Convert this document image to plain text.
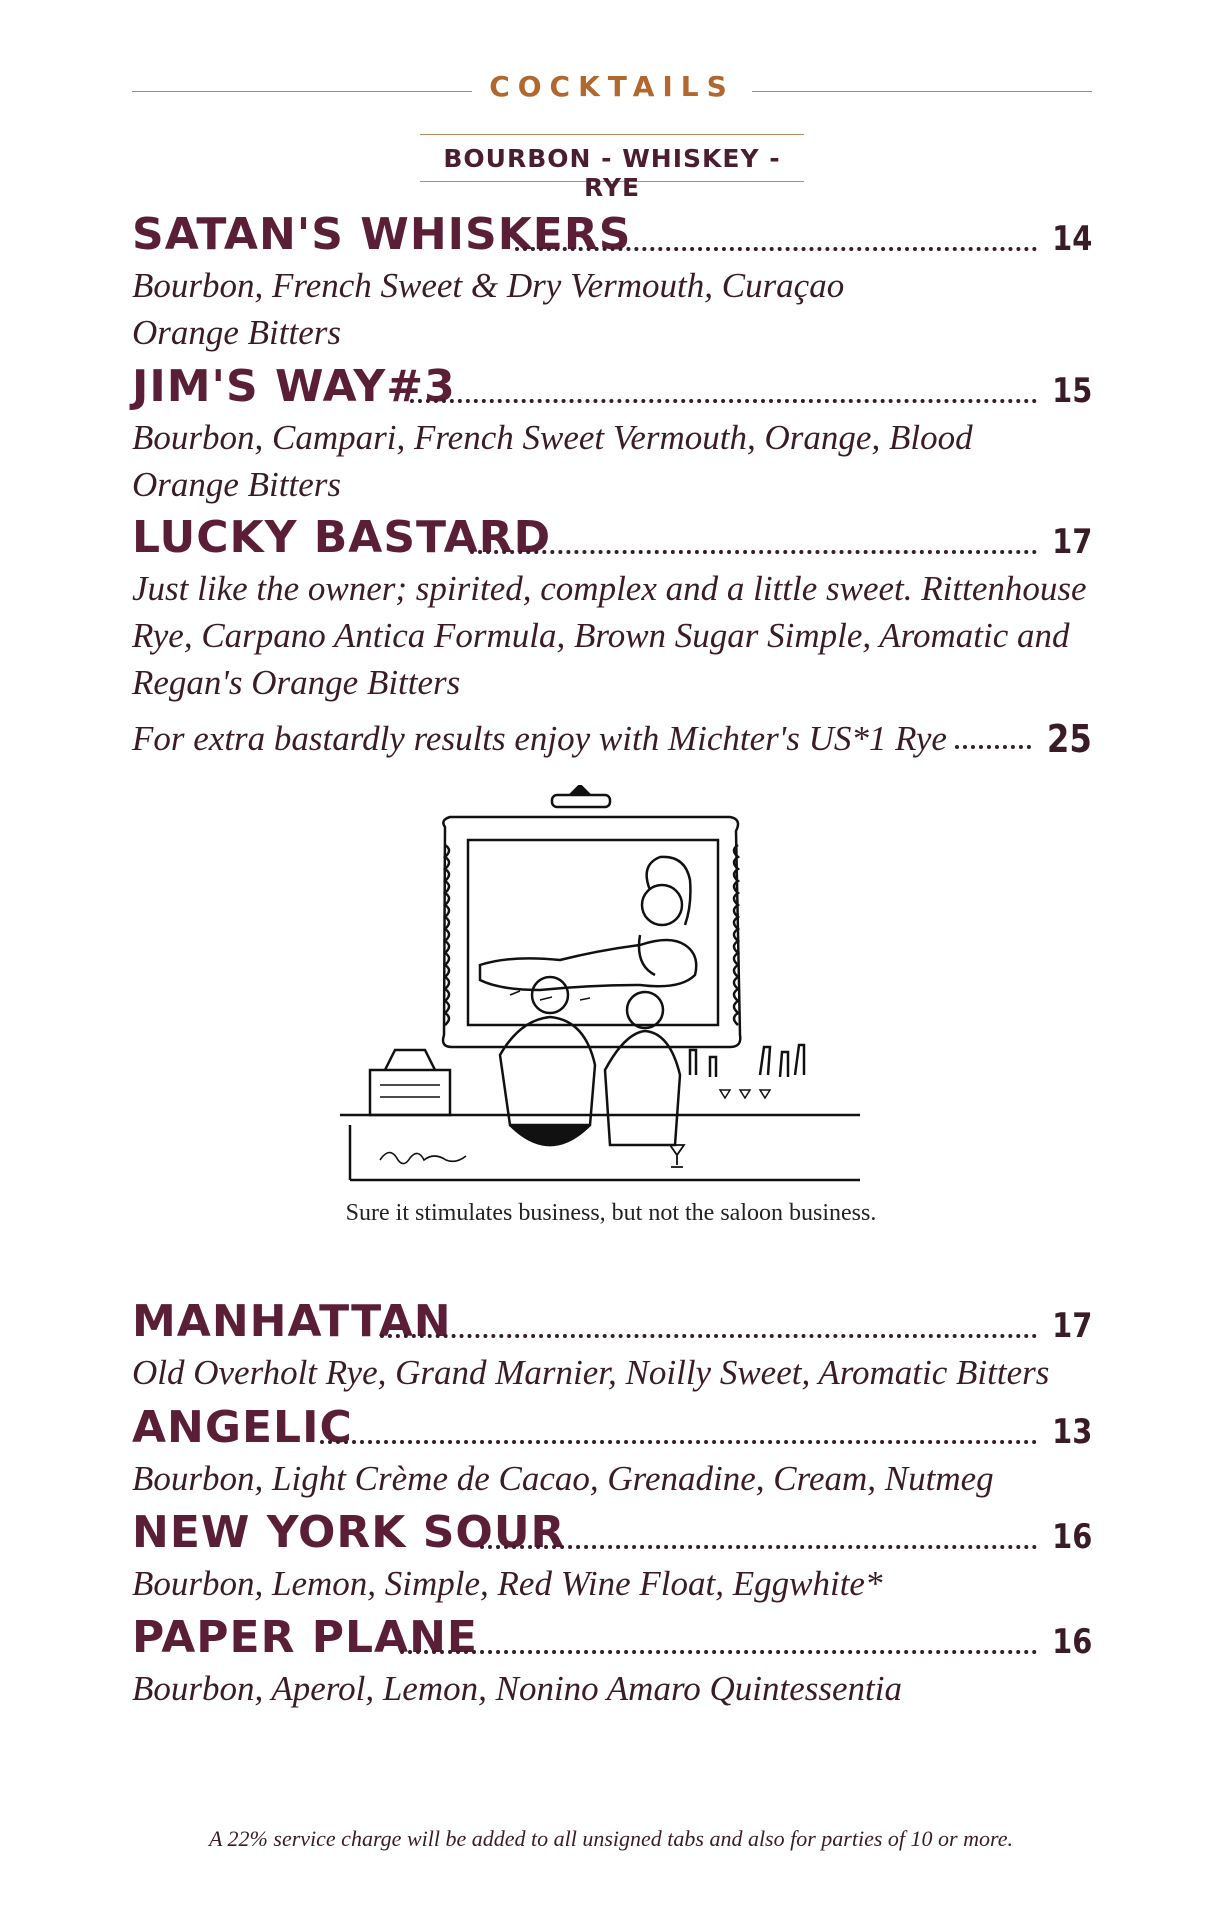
COCKTAILS
BOURBON - WHISKEY - RYE
SATAN'S WHISKERS	14
Bourbon, French Sweet & Dry Vermouth, Curaçao
Orange Bitters
JIM'S WAY#3	15
Bourbon, Campari, French Sweet Vermouth, Orange, Blood
Orange Bitters
LUCKY BASTARD	17
Just like the owner; spirited, complex and a little sweet. Rittenhouse
Rye, Carpano Antica Formula, Brown Sugar Simple, Aromatic and
Regan's Orange Bitters
For extra bastardly results enjoy with Michter's US*1 Rye	25
Sure it stimulates business, but not the saloon business.
MANHATTAN	17
Old Overholt Rye, Grand Marnier, Noilly Sweet, Aromatic Bitters
ANGELIC	13
Bourbon, Light Crème de Cacao, Grenadine, Cream, Nutmeg
NEW YORK SOUR	16
Bourbon, Lemon, Simple, Red Wine Float, Eggwhite*
PAPER PLANE	16
Bourbon, Aperol, Lemon, Nonino Amaro Quintessentia
A 22% service charge will be added to all unsigned tabs and also for parties of 10 or more.
